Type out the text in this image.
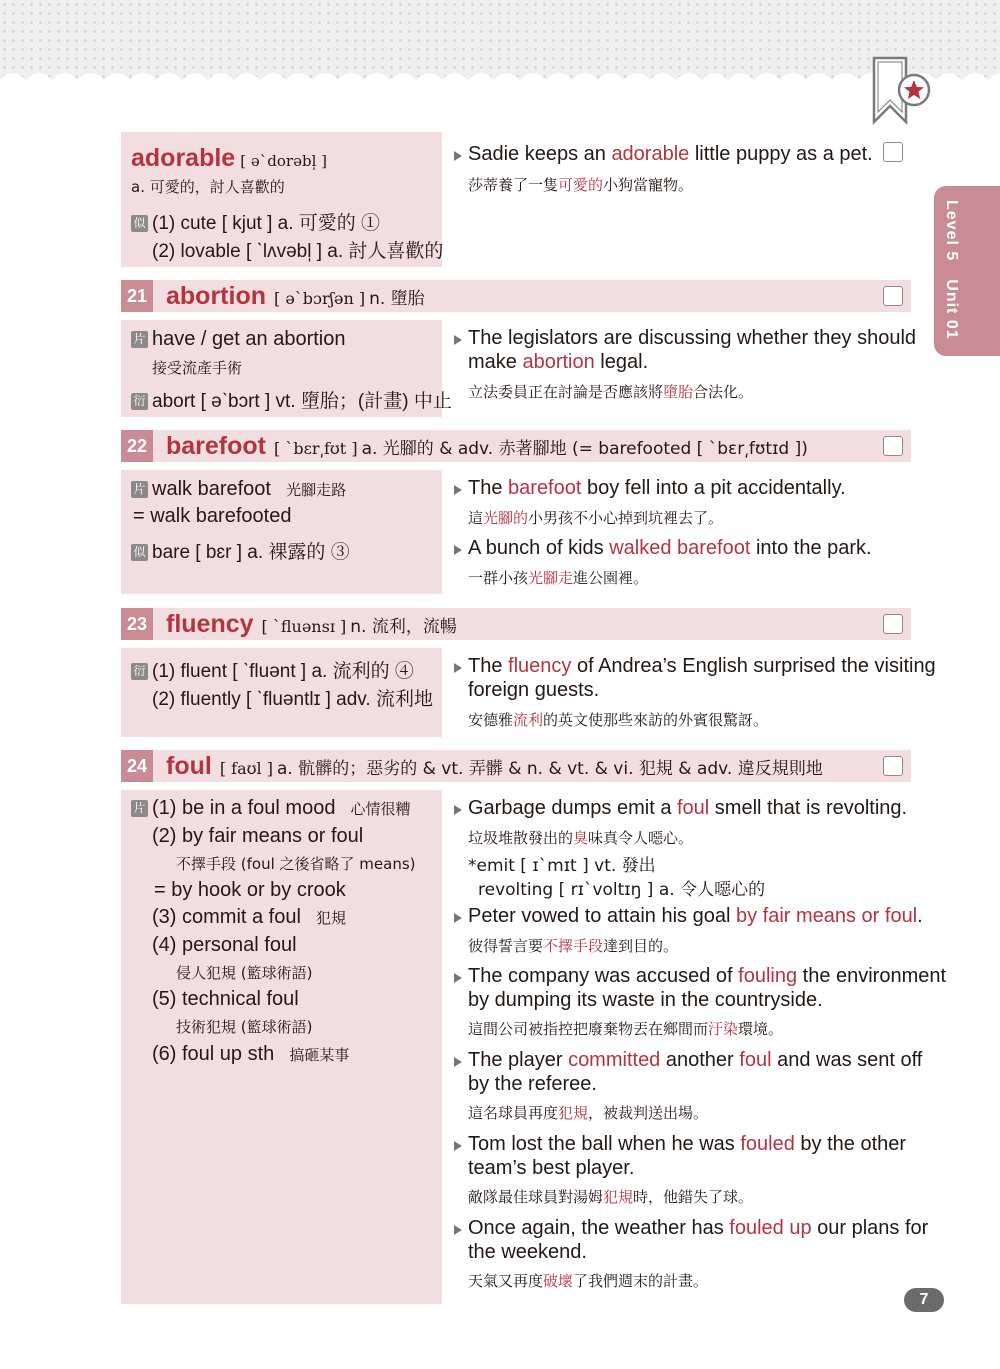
Level 5Unit 01
adorable [ əˋdorəbl̩ ]
a. 可愛的，討人喜歡的
似 (1) cute [ kjut ] a. 可愛的 ①
(2) lovable [ ˋlʌvəbl̩ ] a. 討人喜歡的
Sadie keeps an adorable little puppy as a pet.
莎蒂養了一隻可愛的小狗當寵物。
21 abortion [ əˋbɔrʃən ] n. 墮胎
片 have / get an abortion
接受流產手術
衍 abort [ əˋbɔrt ] vt. 墮胎；(計畫) 中止
The legislators are discussing whether they should
make abortion legal.
立法委員正在討論是否應該將墮胎合法化。
22 barefoot [ ˋbɛr͵fʊt ] a. 光腳的 & adv. 赤著腳地 (= barefooted [ ˋbɛr͵fʊtɪd ])
片 walk barefoot 光腳走路
= walk barefooted
似 bare [ bɛr ] a. 裸露的 ③
The barefoot boy fell into a pit accidentally.
這光腳的小男孩不小心掉到坑裡去了。
A bunch of kids walked barefoot into the park.
一群小孩光腳走進公園裡。
23 fluency [ ˋfluənsɪ ] n. 流利，流暢
衍 (1) fluent [ ˋfluənt ] a. 流利的 ④
(2) fluently [ ˋfluəntlɪ ] adv. 流利地
The fluency of Andrea’s English surprised the visiting
foreign guests.
安德雅流利的英文使那些來訪的外賓很驚訝。
24 foul [ faʊl ] a. 骯髒的；惡劣的 & vt. 弄髒 & n. & vt. & vi. 犯規 & adv. 違反規則地
片 (1) be in a foul mood 心情很糟
(2) by fair means or foul
不擇手段 (foul 之後省略了 means)
= by hook or by crook
(3) commit a foul 犯規
(4) personal foul
侵人犯規 (籃球術語)
(5) technical foul
技術犯規 (籃球術語)
(6) foul up sth 搞砸某事
Garbage dumps emit a foul smell that is revolting.
垃圾堆散發出的臭味真令人噁心。
*emit [ ɪˋmɪt ] vt. 發出
revolting [ rɪˋvoltɪŋ ] a. 令人噁心的
Peter vowed to attain his goal by fair means or foul.
彼得誓言要不擇手段達到目的。
The company was accused of fouling the environment
by dumping its waste in the countryside.
這間公司被指控把廢棄物丟在鄉間而汙染環境。
The player committed another foul and was sent off
by the referee.
這名球員再度犯規，被裁判送出場。
Tom lost the ball when he was fouled by the other
team’s best player.
敵隊最佳球員對湯姆犯規時，他錯失了球。
Once again, the weather has fouled up our plans for
the weekend.
天氣又再度破壞了我們週末的計畫。
7
